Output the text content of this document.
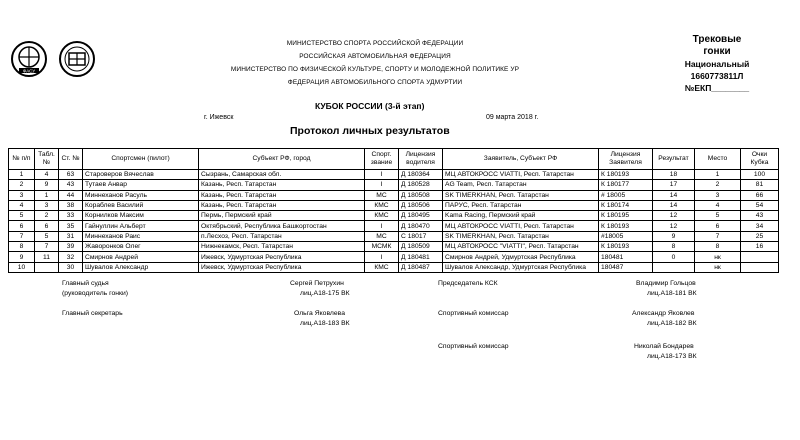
ФАСУ
МИНИСТЕРСТВО СПОРТА РОССИЙСКОЙ ФЕДЕРАЦИИ
РОССИЙСКАЯ АВТОМОБИЛЬНАЯ ФЕДЕРАЦИЯ
МИНИСТЕРСТВО ПО ФИЗИЧЕСКОЙ КУЛЬТУРЕ, СПОРТУ И МОЛОДЕЖНОЙ ПОЛИТИКЕ УР
ФЕДЕРАЦИЯ АВТОМОБИЛЬНОГО СПОРТА УДМУРТИИ
Трековые
гонки
Национальный
1660773811Л
№ЕКП________
КУБОК РОССИИ (3-й этап)
г. Ижевск	09 марта 2018 г.
Протокол личных результатов
№ п/п	Табл. №	Ст. №	Спортсмен (пилот)	Субъект РФ, город	Спорт. звание	Лицензия водителя	Заявитель, Субъект РФ	Лицензия Заявителя	Результат	Место	Очки Кубка
1	4	63	Староверов Вячеслав	Сызрань, Самарская обл.	I	Д 180364	МЦ АВТОКРОСС VIATTI, Респ. Татарстан	К 180193	18	1	100
2	9	43	Тутаев Анвар	Казань, Респ. Татарстан	I	Д 180528	AG Team, Респ. Татарстан	К 180177	17	2	81
3	1	44	Миннеханов Расуль	Казань, Респ. Татарстан	МС	Д 180508	SK TIMERKHAN, Респ. Татарстан	# 18005	14	3	66
4	3	38	Кораблев Василий	Казань, Респ. Татарстан	КМС	Д 180506	ПАРУС, Респ. Татарстан	К 180174	14	4	54
5	2	33	Корнилков Максим	Пермь, Пермский край	КМС	Д 180495	Kama Racing, Пермский край	К 180195	12	5	43
6	6	35	Гайнуллин Альберт	Октябрьский, Республика Башкортостан	I	Д 180470	МЦ АВТОКРОСС VIATTI, Респ. Татарстан	К 180193	12	6	34
7	5	31	Миннеханов Раис	п.Лесхоз, Респ. Татарстан	МС	С 18017	SK TIMERKHAN, Респ. Татарстан	#18005	9	7	25
8	7	39	Жаворонков Олег	Нижнекамск, Респ. Татарстан	МСМК	Д 180509	МЦ АВТОКРОСС "VIATTI", Респ. Татарстан	К 180193	8	8	16
9	11	32	Смирнов Андрей	Ижевск, Удмуртская Республика	I	Д 180481	Смирнов Андрей, Удмуртская Республика	180481	0	нк	
10		30	Шувалов Александр	Ижевск, Удмуртская Республика	КМС	Д 180487	Шувалов Александр, Удмуртская Республика	180487		нк	
Главный судья
(руководитель гонки)
Сергей Петрухин
лиц.А18-175 ВК
Главный секретарь	Ольга Яковлева
лиц.А18-183 ВК
Председатель КСК	Владимир Гольцов
лиц.А18-181 ВК
Спортивный комиссар	Александр Яковлев
лиц.А18-182 ВК
Спортивный комиссар	Николай Бондарев
лиц.А18-173 ВК
